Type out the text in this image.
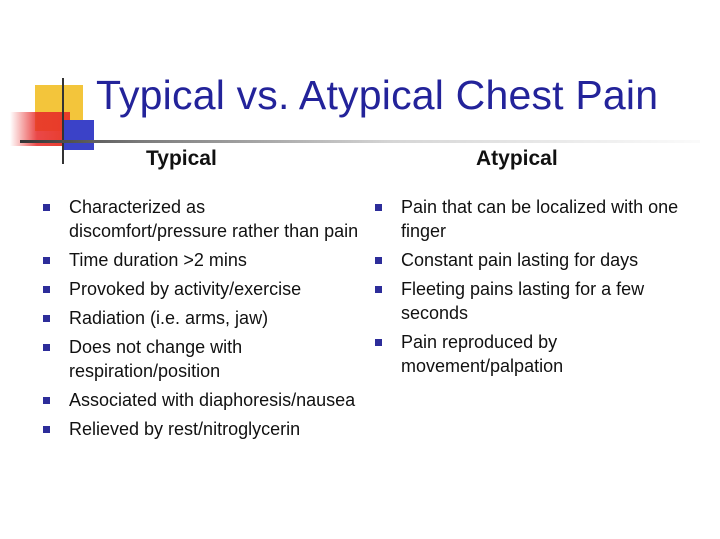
Typical vs. Atypical Chest Pain
Typical
Characterized as discomfort/pressure rather than pain
Time duration >2 mins
Provoked by activity/exercise
Radiation (i.e. arms, jaw)
Does not change with respiration/position
Associated with diaphoresis/nausea
Relieved by rest/nitroglycerin
Atypical
Pain that can be localized with one finger
Constant pain lasting for days
Fleeting pains lasting for a few seconds
Pain reproduced by movement/palpation
